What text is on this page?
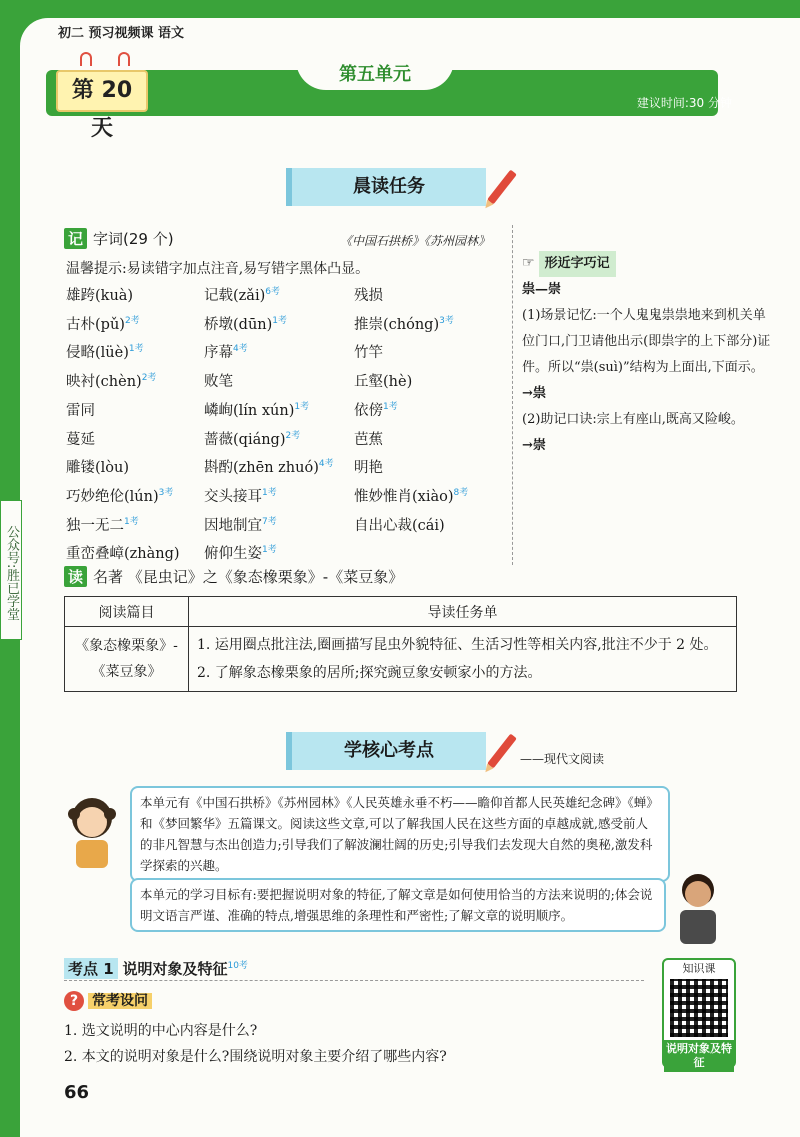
初二 预习视频课 语文
第五单元
第 20 天
建议时间:30 分钟
公众号:胜已学堂
晨读任务
记 字词(29 个)	《中国石拱桥》《苏州园林》
温馨提示:易读错字加点注音,易写错字黑体凸显。
雄跨(kuà)	记载(zǎi)$^{6考}$	残损
古朴(pǔ)$^{2考}$	桥墩(dūn)$^{1考}$	推崇(chóng)$^{3考}$
侵略(lüè)$^{1考}$	序幕$^{4考}$	竹竿
映衬(chèn)$^{2考}$	败笔	丘壑(hè)
雷同	嶙峋(lín xún)$^{1考}$	依傍$^{1考}$
蔓延	蔷薇(qiáng)$^{2考}$	芭蕉
雕镂(lòu)	斟酌(zhēn zhuó)$^{4考}$ 明艳
巧妙绝伦(lún)$^{3考}$ 交头接耳$^{1考}$	惟妙惟肖(xiào)$^{8考}$
独一无二$^{1考}$	因地制宜$^{7考}$	自出心裁(cái)
重峦叠嶂(zhàng) 俯仰生姿$^{1考}$
☞ 形近字巧记
祟—崇
(1)场景记忆:一个人鬼鬼祟祟地来到机关单位门口,门卫请他出示(即祟字的上下部分)证件。所以“祟(suì)”结构为上面出,下面示。
→祟
(2)助记口诀:宗上有座山,既高又险峻。
→崇
读 名著 《昆虫记》之《象态橡栗象》-《菜豆象》
阅读篇目	导读任务单
《象态橡栗象》-《菜豆象》	1. 运用圈点批注法,圈画描写昆虫外貌特征、生活习性等相关内容,批注不少于 2 处。
2. 了解象态橡栗象的居所;探究豌豆象安顿家小的方法。
学核心考点	——现代文阅读
本单元有《中国石拱桥》《苏州园林》《人民英雄永垂不朽——瞻仰首都人民英雄纪念碑》《蝉》和《梦回繁华》五篇课文。阅读这些文章,可以了解我国人民在这些方面的卓越成就,感受前人的非凡智慧与杰出创造力;引导我们了解波澜壮阔的历史;引导我们去发现大自然的奥秘,激发科学探索的兴趣。
本单元的学习目标有:要把握说明对象的特征,了解文章是如何使用恰当的方法来说明的;体会说明文语言严谨、准确的特点,增强思维的条理性和严密性;了解文章的说明顺序。
考点 1 说明对象及特征$^{10考}$
? 常考设问
1. 选文说明的中心内容是什么?
2. 本文的说明对象是什么?围绕说明对象主要介绍了哪些内容?
知识课
说明对象及特征
66
